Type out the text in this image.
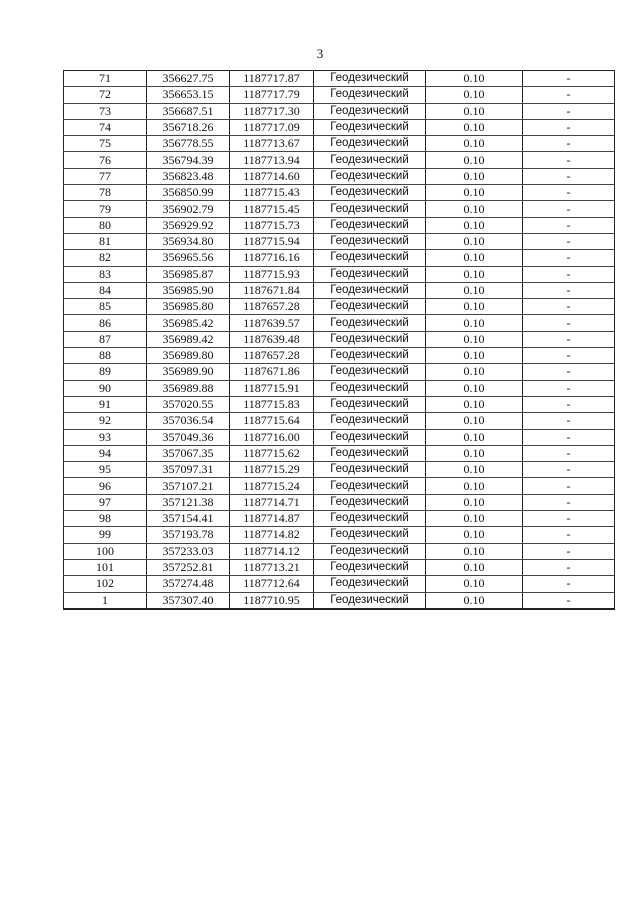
3
71	356627.75	1187717.87	Геодезический	0.10	-
72	356653.15	1187717.79	Геодезический	0.10	-
73	356687.51	1187717.30	Геодезический	0.10	-
74	356718.26	1187717.09	Геодезический	0.10	-
75	356778.55	1187713.67	Геодезический	0.10	-
76	356794.39	1187713.94	Геодезический	0.10	-
77	356823.48	1187714.60	Геодезический	0.10	-
78	356850.99	1187715.43	Геодезический	0.10	-
79	356902.79	1187715.45	Геодезический	0.10	-
80	356929.92	1187715.73	Геодезический	0.10	-
81	356934.80	1187715.94	Геодезический	0.10	-
82	356965.56	1187716.16	Геодезический	0.10	-
83	356985.87	1187715.93	Геодезический	0.10	-
84	356985.90	1187671.84	Геодезический	0.10	-
85	356985.80	1187657.28	Геодезический	0.10	-
86	356985.42	1187639.57	Геодезический	0.10	-
87	356989.42	1187639.48	Геодезический	0.10	-
88	356989.80	1187657.28	Геодезический	0.10	-
89	356989.90	1187671.86	Геодезический	0.10	-
90	356989.88	1187715.91	Геодезический	0.10	-
91	357020.55	1187715.83	Геодезический	0.10	-
92	357036.54	1187715.64	Геодезический	0.10	-
93	357049.36	1187716.00	Геодезический	0.10	-
94	357067.35	1187715.62	Геодезический	0.10	-
95	357097.31	1187715.29	Геодезический	0.10	-
96	357107.21	1187715.24	Геодезический	0.10	-
97	357121.38	1187714.71	Геодезический	0.10	-
98	357154.41	1187714.87	Геодезический	0.10	-
99	357193.78	1187714.82	Геодезический	0.10	-
100	357233.03	1187714.12	Геодезический	0.10	-
101	357252.81	1187713.21	Геодезический	0.10	-
102	357274.48	1187712.64	Геодезический	0.10	-
1	357307.40	1187710.95	Геодезический	0.10	-
